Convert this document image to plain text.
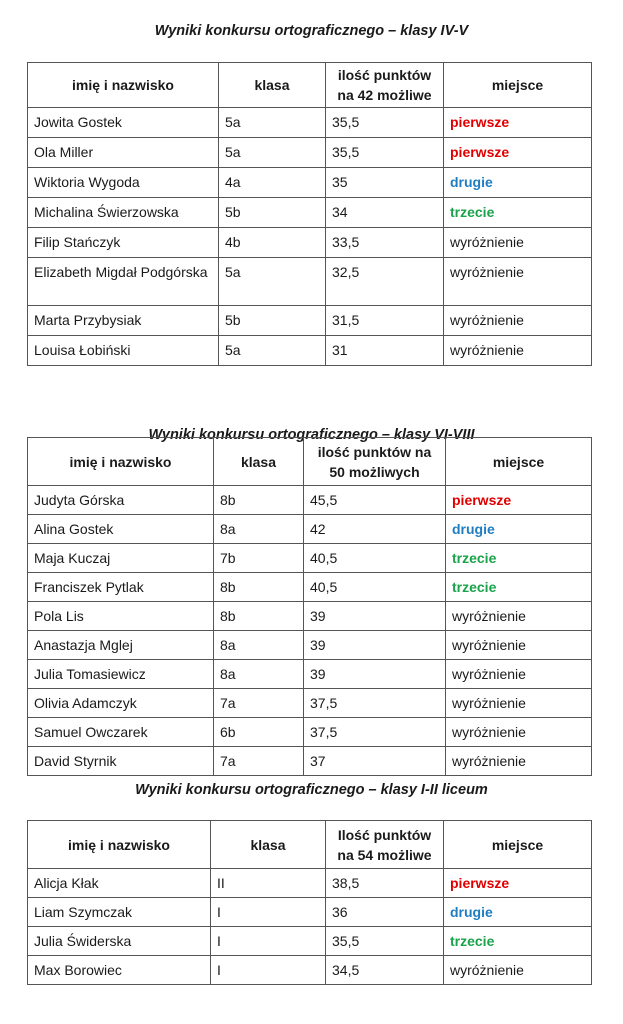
Wyniki konkursu ortograficznego – klasy IV-V
imię i nazwisko	klasa	ilość punktów na 42 możliwe	miejsce
Jowita Gostek	5a	35,5	pierwsze
Ola Miller	5a	35,5	pierwsze
Wiktoria Wygoda	4a	35	drugie
Michalina Świerzowska	5b	34	trzecie
Filip Stańczyk	4b	33,5	wyróżnienie
Elizabeth Migdał Podgórska	5a	32,5	wyróżnienie
Marta Przybysiak	5b	31,5	wyróżnienie
Louisa Łobiński	5a	31	wyróżnienie
Wyniki konkursu ortograficznego – klasy VI-VIII
imię i nazwisko	klasa	ilość punktów na 50 możliwych	miejsce
Judyta Górska	8b	45,5	pierwsze
Alina Gostek	8a	42	drugie
Maja Kuczaj	7b	40,5	trzecie
Franciszek Pytlak	8b	40,5	trzecie
Pola Lis	8b	39	wyróżnienie
Anastazja Mglej	8a	39	wyróżnienie
Julia Tomasiewicz	8a	39	wyróżnienie
Olivia Adamczyk	7a	37,5	wyróżnienie
Samuel Owczarek	6b	37,5	wyróżnienie
David Styrnik	7a	37	wyróżnienie
Wyniki konkursu ortograficznego – klasy I-II liceum
imię i nazwisko	klasa	Ilość punktów na 54 możliwe	miejsce
Alicja Kłak	II	38,5	pierwsze
Liam Szymczak	I	36	drugie
Julia Świderska	I	35,5	trzecie
Max Borowiec	I	34,5	wyróżnienie
